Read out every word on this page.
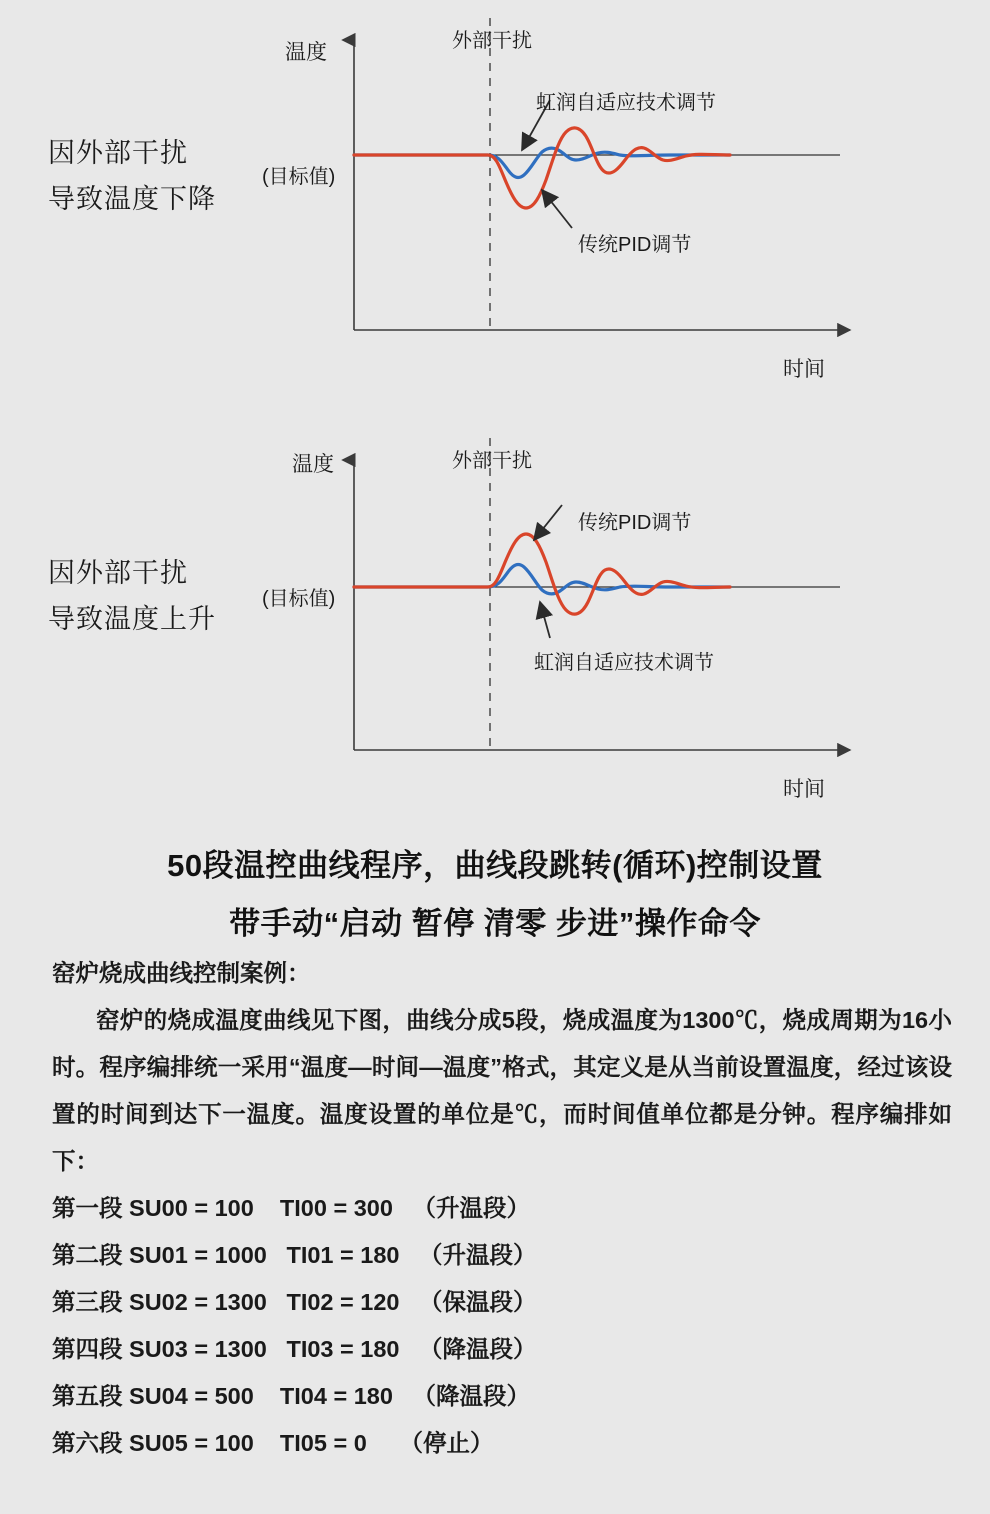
因外部干扰
导致温度下降
温度
时间
(目标值)
外部干扰
虹润自适应技术调节
传统PID调节
因外部干扰
导致温度上升
温度
时间
(目标值)
外部干扰
传统PID调节
虹润自适应技术调节
50段温控曲线程序，曲线段跳转(循环)控制设置
带手动“启动 暂停 清零 步进”操作命令
窑炉烧成曲线控制案例：
窑炉的烧成温度曲线见下图，曲线分成5段，烧成温度为1300℃，烧成周期为16小时。程序编排统一采用“温度—时间—温度”格式，其定义是从当前设置温度，经过该设置的时间到达下一温度。温度设置的单位是℃，而时间值单位都是分钟。程序编排如下：
第一段 SU00 = 100    TI00 = 300   （升温段）
第二段 SU01 = 1000   TI01 = 180   （升温段）
第三段 SU02 = 1300   TI02 = 120   （保温段）
第四段 SU03 = 1300   TI03 = 180   （降温段）
第五段 SU04 = 500    TI04 = 180   （降温段）
第六段 SU05 = 100    TI05 = 0     （停止）
